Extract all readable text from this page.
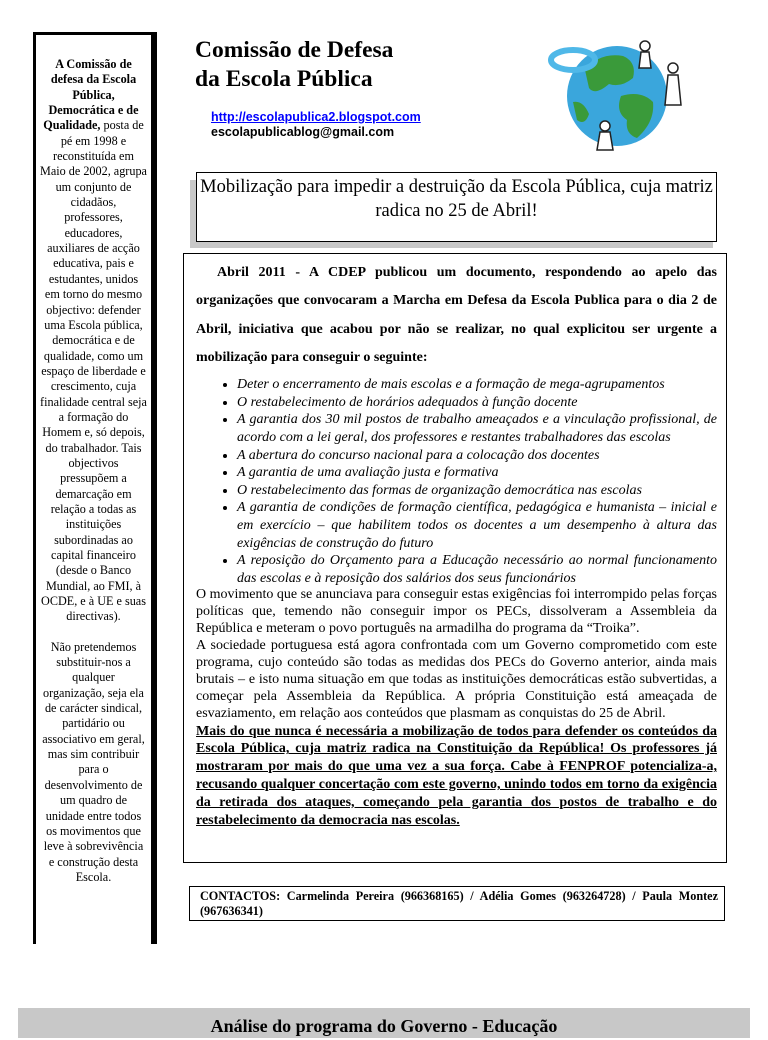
A Comissão de defesa da Escola Pública, Democrática e de Qualidade, posta de pé em 1998 e reconstituída em Maio de 2002, agrupa um conjunto de cidadãos, professores, educadores, auxiliares de acção educativa, pais e estudantes, unidos em torno do mesmo objectivo: defender uma Escola pública, democrática e de qualidade, como um espaço de liberdade e crescimento, cuja finalidade central seja a formação do Homem e, só depois, do trabalhador. Tais objectivos pressupõem a demarcação em relação a todas as instituições subordinadas ao capital financeiro (desde o Banco Mundial, ao FMI, à OCDE, e à UE e suas directivas).

Não pretendemos substituir-nos a qualquer organização, seja ela de carácter sindical, partidário ou associativo em geral, mas sim contribuir para o desenvolvimento de um quadro de unidade entre todos os movimentos que leve à sobrevivência e construção desta Escola.

Comissão de Defesa
da Escola Pública
http://escolapublica2.blogspot.com
escolapublicablog@gmail.com
Mobilização para impedir a destruição da Escola Pública, cuja matriz radica no 25 de Abril!

Abril 2011 - A CDEP publicou um documento, respondendo ao apelo das organizações que convocaram a Marcha em Defesa da Escola Publica para o dia 2 de Abril, iniciativa que acabou por não se realizar, no qual explicitou ser urgente a mobilização para conseguir o seguinte:

• Deter o encerramento de mais escolas e a formação de mega-agrupamentos
• O restabelecimento de horários adequados à função docente
• A garantia dos 30 mil postos de trabalho ameaçados e a vinculação profissional, de acordo com a lei geral, dos professores e restantes trabalhadores das escolas
• A abertura do concurso nacional para a colocação dos docentes
• A garantia de uma avaliação justa e formativa
• O restabelecimento das formas de organização democrática nas escolas
• A garantia de condições de formação científica, pedagógica e humanista – inicial e em exercício – que habilitem todos os docentes a um desempenho à altura das exigências de construção do futuro
• A reposição do Orçamento para a Educação necessário ao normal funcionamento das escolas e à reposição dos salários dos seus funcionários

O movimento que se anunciava para conseguir estas exigências foi interrompido pelas forças políticas que, temendo não conseguir impor os PECs, dissolveram a Assembleia da República e meteram o povo português na armadilha do programa da “Troika”.

A sociedade portuguesa está agora confrontada com um Governo comprometido com este programa, cujo conteúdo são todas as medidas dos PECs do Governo anterior, ainda mais brutais – e isto numa situação em que todas as instituições democráticas estão subvertidas, a começar pela Assembleia da República. A própria Constituição está ameaçada de esvaziamento, em relação aos conteúdos que plasmam as conquistas do 25 de Abril.

Mais do que nunca é necessária a mobilização de todos para defender os conteúdos da Escola Pública, cuja matriz radica na Constituição da República! Os professores já mostraram por mais do que uma vez a sua força. Cabe à FENPROF potencializa-a, recusando qualquer concertação com este governo, unindo todos em torno da exigência da retirada dos ataques, começando pela garantia dos postos de trabalho e do restabelecimento da democracia nas escolas.

CONTACTOS: Carmelinda Pereira (966368165) / Adélia Gomes (963264728) / Paula Montez (967636341)
Análise do programa do Governo - Educação
